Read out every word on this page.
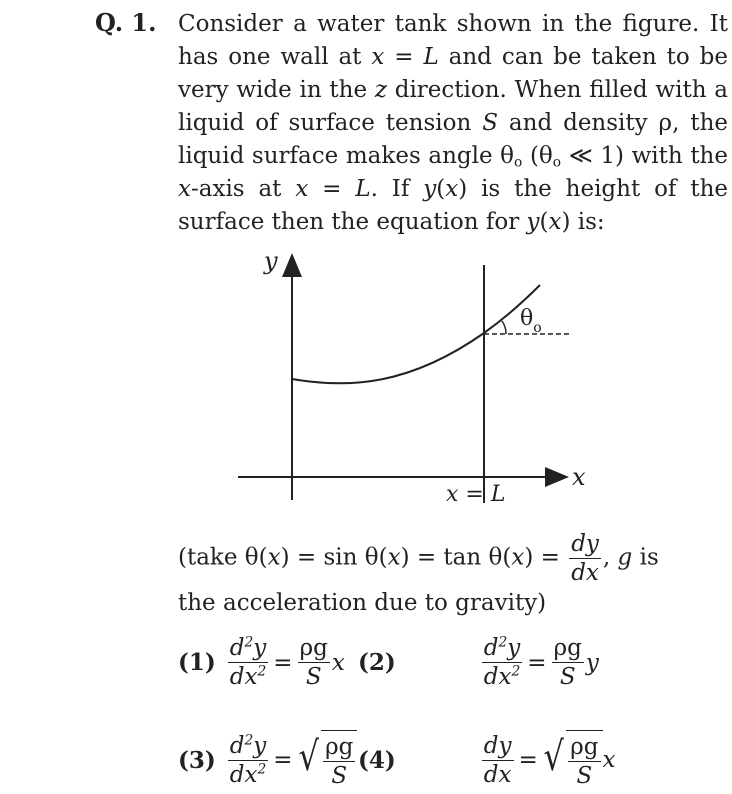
Q. 1. Consider a water tank shown in the figure. It has one wall at x = L and can be taken to be very wide in the z direction. When filled with a liquid of surface tension S and density ρ, the liquid surface makes angle $\theta_o$ ($\theta_o$ ≪ 1) with the x-axis at x = L. If y(x) is the height of the surface then the equation for y(x) is:
y
x
x = L
$\theta_o$
(take $\theta(x) = \sin \theta(x) = \tan \theta(x) = \frac{dy}{dx}$ , g is the acceleration due to gravity)
$(1) \frac{d^2y}{dx^2} = \frac{\rho g}{S}$ x (2)	$\frac{d^2y}{dx^2} = \frac{\rho g}{S}$ y
$(3) \frac{d^2y}{dx^2}$ = √ $\frac{\rho g}{S} (4)$	$\frac{dy}{dx}$ = √ $\frac{\rho g}{S}$ x
